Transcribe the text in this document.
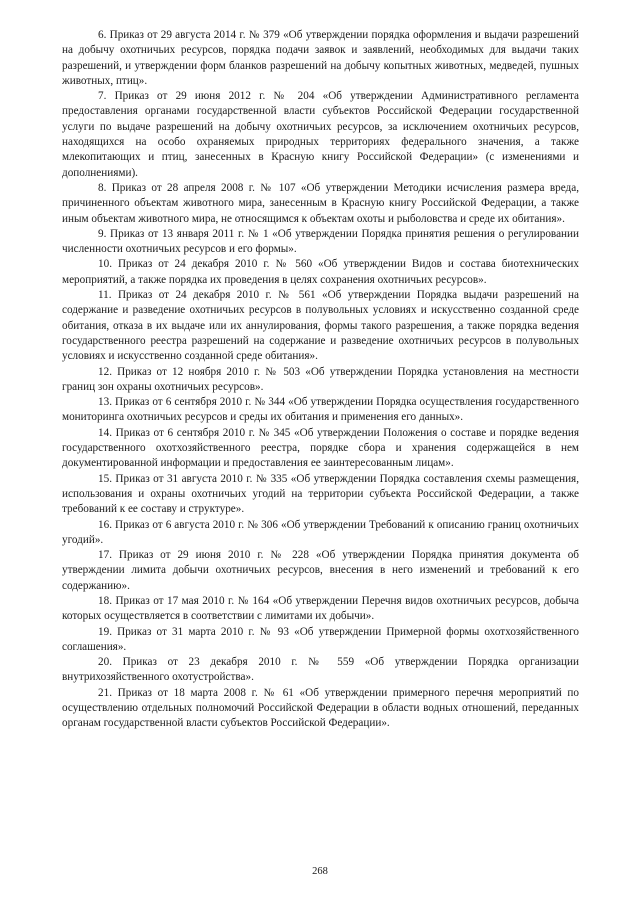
6. Приказ от 29 августа 2014 г. № 379 «Об утверждении порядка оформления и выдачи разрешений на добычу охотничьих ресурсов, порядка подачи заявок и заявлений, необходимых для выдачи таких разрешений, и утверждении форм бланков разрешений на добычу копытных животных, медведей, пушных животных, птиц».

7. Приказ от 29 июня 2012 г. № 204 «Об утверждении Административного регламента предоставления органами государственной власти субъектов Российской Федерации государственной услуги по выдаче разрешений на добычу охотничьих ресурсов, за исключением охотничьих ресурсов, находящихся на особо охраняемых природных территориях федерального значения, а также млекопитающих и птиц, занесенных в Красную книгу Российской Федерации» (с изменениями и дополнениями).

8. Приказ от 28 апреля 2008 г. № 107 «Об утверждении Методики исчисления размера вреда, причиненного объектам животного мира, занесенным в Красную книгу Российской Федерации, а также иным объектам животного мира, не относящимся к объектам охоты и рыболовства и среде их обитания».

9. Приказ от 13 января 2011 г. № 1 «Об утверждении Порядка принятия решения о регулировании численности охотничьих ресурсов и его формы».

10. Приказ от 24 декабря 2010 г. № 560 «Об утверждении Видов и состава биотехнических мероприятий, а также порядка их проведения в целях сохранения охотничьих ресурсов».

11. Приказ от 24 декабря 2010 г. № 561 «Об утверждении Порядка выдачи разрешений на содержание и разведение охотничьих ресурсов в полувольных условиях и искусственно созданной среде обитания, отказа в их выдаче или их аннулирования, формы такого разрешения, а также порядка ведения государственного реестра разрешений на содержание и разведение охотничьих ресурсов в полувольных условиях и искусственно созданной среде обитания».

12. Приказ от 12 ноября 2010 г. № 503 «Об утверждении Порядка установления на местности границ зон охраны охотничьих ресурсов».

13. Приказ от 6 сентября 2010 г. № 344 «Об утверждении Порядка осуществления государственного мониторинга охотничьих ресурсов и среды их обитания и применения его данных».

14. Приказ от 6 сентября 2010 г. № 345 «Об утверждении Положения о составе и порядке ведения государственного охотхозяйственного реестра, порядке сбора и хранения содержащейся в нем документированной информации и предоставления ее заинтересованным лицам».

15. Приказ от 31 августа 2010 г. № 335 «Об утверждении Порядка составления схемы размещения, использования и охраны охотничьих угодий на территории субъекта Российской Федерации, а также требований к ее составу и структуре».

16. Приказ от 6 августа 2010 г. № 306 «Об утверждении Требований к описанию границ охотничьих угодий».

17. Приказ от 29 июня 2010 г. № 228 «Об утверждении Порядка принятия документа об утверждении лимита добычи охотничьих ресурсов, внесения в него изменений и требований к его содержанию».

18. Приказ от 17 мая 2010 г. № 164 «Об утверждении Перечня видов охотничьих ресурсов, добыча которых осуществляется в соответствии с лимитами их добычи».

19. Приказ от 31 марта 2010 г. № 93 «Об утверждении Примерной формы охотхозяйственного соглашения».

20. Приказ от 23 декабря 2010 г. № 559 «Об утверждении Порядка организации внутрихозяйственного охотустройства».

21. Приказ от 18 марта 2008 г. № 61 «Об утверждении примерного перечня мероприятий по осуществлению отдельных полномочий Российской Федерации в области водных отношений, переданных органам государственной власти субъектов Российской Федерации».

268
